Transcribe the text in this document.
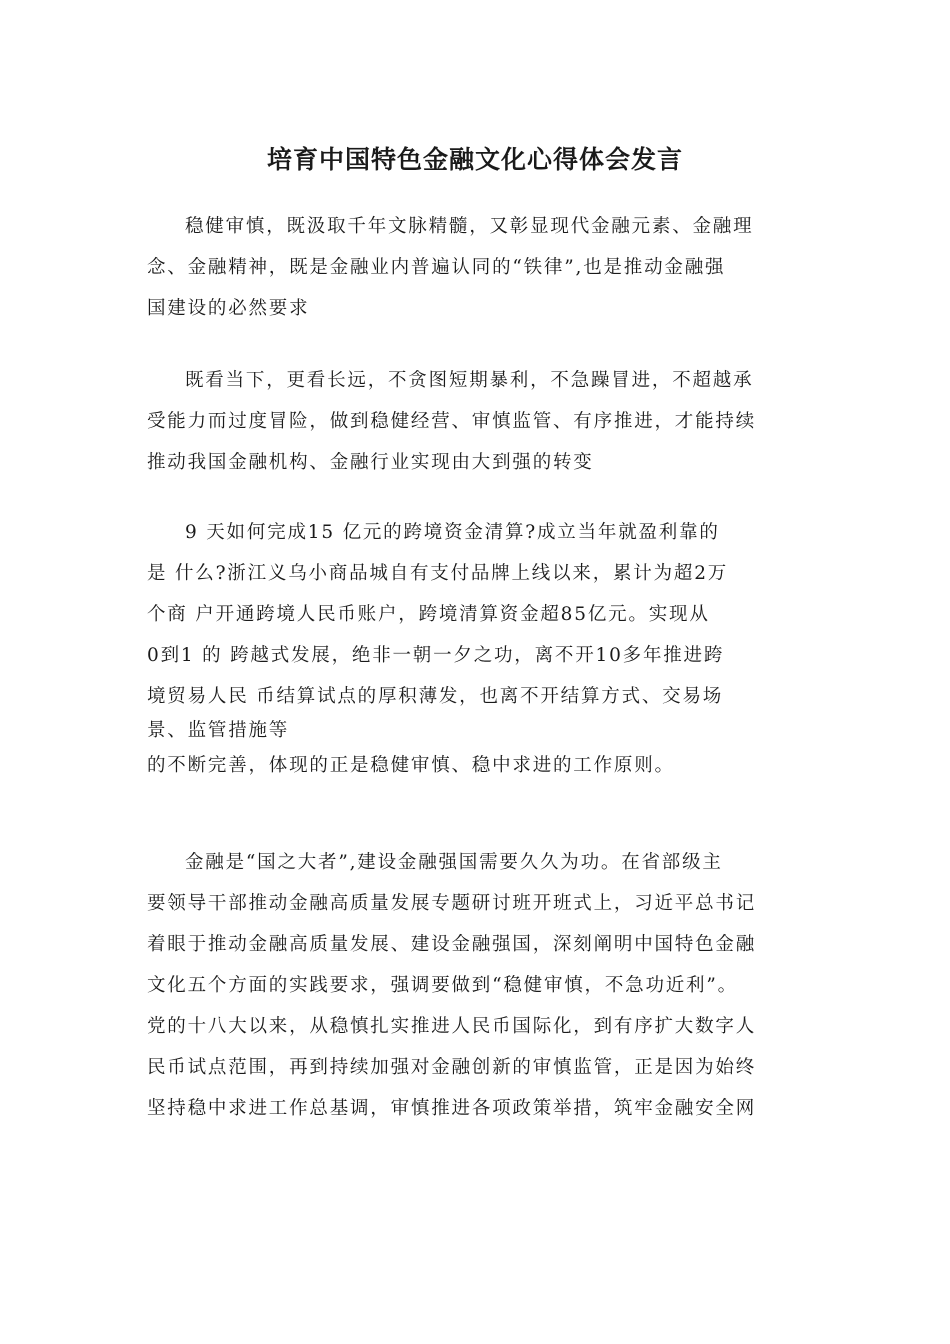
培育中国特色金融文化心得体会发言
稳健审慎，既汲取千年文脉精髓，又彰显现代金融元素、金融理
念、金融精神，既是金融业内普遍认同的“铁律”,也是推动金融强
国建设的必然要求
既看当下，更看长远，不贪图短期暴利，不急躁冒进，不超越承
受能力而过度冒险，做到稳健经营、审慎监管、有序推进，才能持续
推动我国金融机构、金融行业实现由大到强的转变
9 天如何完成15 亿元的跨境资金清算?成立当年就盈利靠的
是 什么?浙江义乌小商品城自有支付品牌上线以来，累计为超2万
个商 户开通跨境人民币账户，跨境清算资金超85亿元。实现从
0到1 的 跨越式发展，绝非一朝一夕之功，离不开10多年推进跨
境贸易人民 币结算试点的厚积薄发，也离不开结算方式、交易场
景、监管措施等
的不断完善，体现的正是稳健审慎、稳中求进的工作原则。
金融是“国之大者”,建设金融强国需要久久为功。在省部级主
要领导干部推动金融高质量发展专题研讨班开班式上，习近平总书记
着眼于推动金融高质量发展、建设金融强国，深刻阐明中国特色金融
文化五个方面的实践要求，强调要做到“稳健审慎，不急功近利”。
党的十八大以来，从稳慎扎实推进人民币国际化，到有序扩大数字人
民币试点范围，再到持续加强对金融创新的审慎监管，正是因为始终
坚持稳中求进工作总基调，审慎推进各项政策举措，筑牢金融安全网
